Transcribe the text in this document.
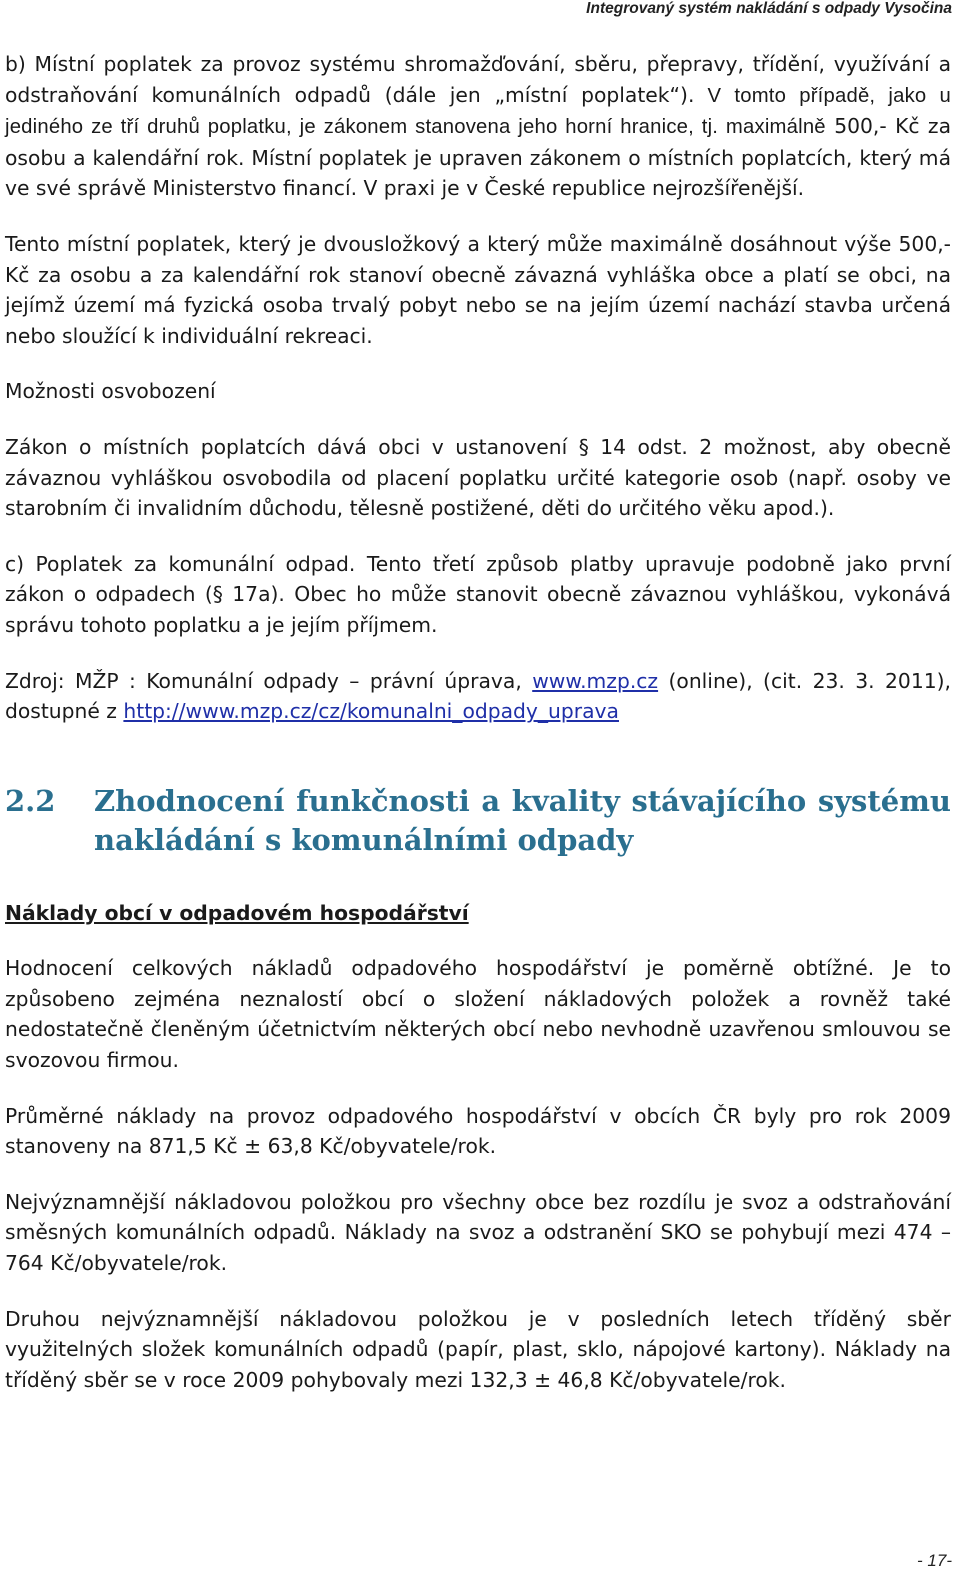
Integrovaný systém nakládání s odpady Vysočina

b) Místní poplatek za provoz systému shromažďování, sběru, přepravy, třídění, využívání a odstraňování komunálních odpadů (dále jen „místní poplatek“). V tomto případě, jako u jediného ze tří druhů poplatku, je zákonem stanovena jeho horní hranice, tj. maximálně 500,- Kč za osobu a kalendářní rok. Místní poplatek je upraven zákonem o místních poplatcích, který má ve své správě Ministerstvo financí. V praxi je v České republice nejrozšířenější.

Tento místní poplatek, který je dvousložkový a který může maximálně dosáhnout výše 500,- Kč za osobu a za kalendářní rok stanoví obecně závazná vyhláška obce a platí se obci, na jejímž území má fyzická osoba trvalý pobyt nebo se na jejím území nachází stavba určená nebo sloužící k individuální rekreaci.

Možnosti osvobození

Zákon o místních poplatcích dává obci v ustanovení § 14 odst. 2 možnost, aby obecně závaznou vyhláškou osvobodila od placení poplatku určité kategorie osob (např. osoby ve starobním či invalidním důchodu, tělesně postižené, děti do určitého věku apod.).

c) Poplatek za komunální odpad. Tento třetí způsob platby upravuje podobně jako první zákon o odpadech (§ 17a). Obec ho může stanovit obecně závaznou vyhláškou, vykonává správu tohoto poplatku a je jejím příjmem.

Zdroj: MŽP : Komunální odpady – právní úprava, www.mzp.cz (online), (cit. 23. 3. 2011), dostupné z http://www.mzp.cz/cz/komunalni_odpady_uprava

2.2	Zhodnocení funkčnosti a kvality stávajícího systému nakládání s komunálními odpady

Náklady obcí v odpadovém hospodářství

Hodnocení celkových nákladů odpadového hospodářství je poměrně obtížné. Je to způsobeno zejména neznalostí obcí o složení nákladových položek a rovněž také nedostatečně členěným účetnictvím některých obcí nebo nevhodně uzavřenou smlouvou se svozovou firmou.

Průměrné náklady na provoz odpadového hospodářství v obcích ČR byly pro rok 2009 stanoveny na 871,5 Kč ± 63,8 Kč/obyvatele/rok.

Nejvýznamnější nákladovou položkou pro všechny obce bez rozdílu je svoz a odstraňování směsných komunálních odpadů. Náklady na svoz a odstranění SKO se pohybují mezi 474 – 764 Kč/obyvatele/rok.

Druhou nejvýznamnější nákladovou položkou je v posledních letech tříděný sběr využitelných složek komunálních odpadů (papír, plast, sklo, nápojové kartony). Náklady na tříděný sběr se v roce 2009 pohybovaly mezi 132,3 ± 46,8 Kč/obyvatele/rok.

- 17-
